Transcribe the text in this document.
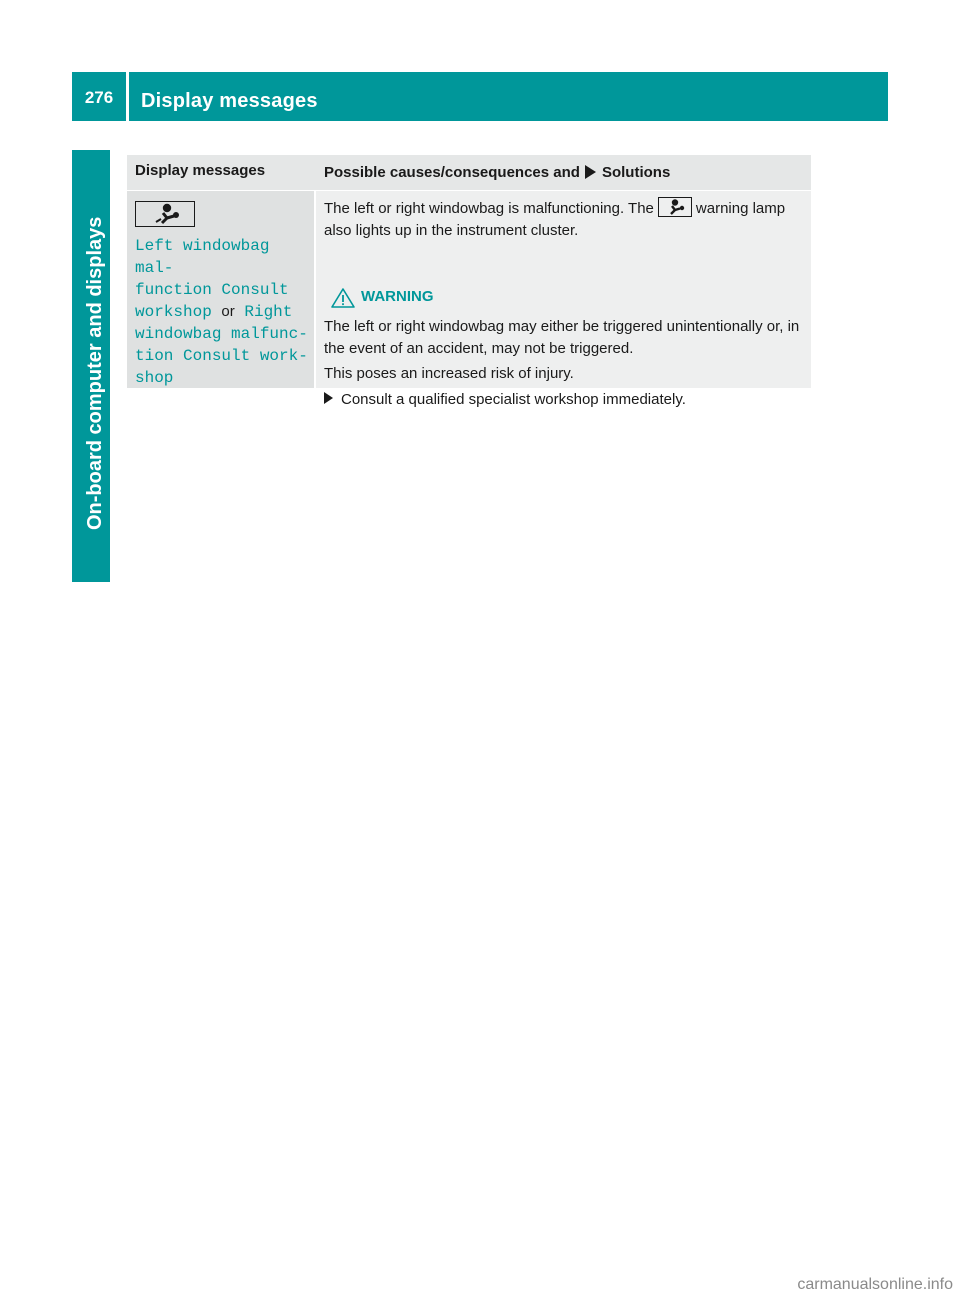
276	Display messages
On-board computer and displays
Display messages	Possible causes/consequences and Solutions
Left windowbag mal-
function Consult
workshop or Right
windowbag malfunc-
tion Consult work-
shop
The left or right windowbag is malfunctioning. The	warning lamp also lights up in the instrument cluster.
WARNING
The left or right windowbag may either be triggered unintentionally or, in the event of an accident, may not be triggered.
This poses an increased risk of injury.
Consult a qualified specialist workshop immediately.
carmanualsonline.info
